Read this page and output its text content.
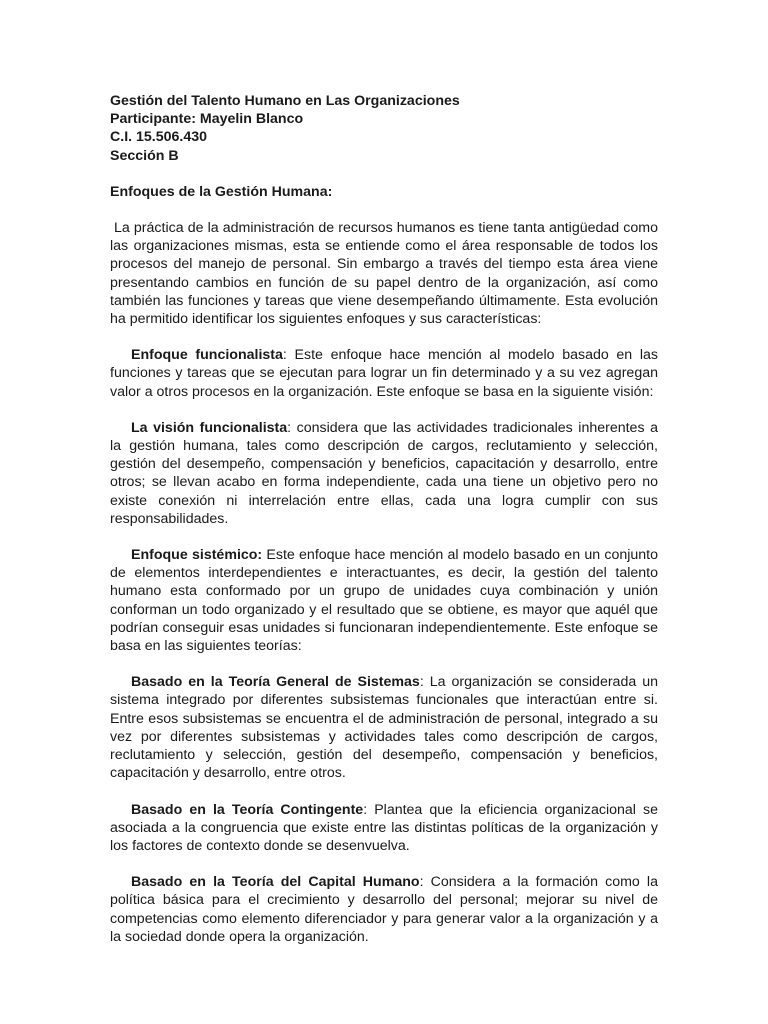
Gestión del Talento Humano en Las Organizaciones

Participante: Mayelin Blanco

C.I. 15.506.430

Sección B

Enfoques de la Gestión Humana:

La práctica de la administración de recursos humanos es tiene tanta antigüedad como las organizaciones mismas, esta se entiende como el área responsable de todos los procesos del manejo de personal. Sin embargo a través del tiempo esta área viene presentando cambios en función de su papel dentro de la organización, así como también las funciones y tareas que viene desempeñando últimamente. Esta evolución ha permitido identificar los siguientes enfoques y sus características:

Enfoque funcionalista: Este enfoque hace mención al modelo basado en las funciones y tareas que se ejecutan para lograr un fin determinado y a su vez agregan valor a otros procesos en la organización. Este enfoque se basa en la siguiente visión:

La visión funcionalista: considera que las actividades tradicionales inherentes a la gestión humana, tales como descripción de cargos, reclutamiento y selección, gestión del desempeño, compensación y beneficios, capacitación y desarrollo, entre otros; se llevan acabo en forma independiente, cada una tiene un objetivo pero no existe conexión ni interrelación entre ellas, cada una logra cumplir con sus responsabilidades.

Enfoque sistémico: Este enfoque hace mención al modelo basado en un conjunto de elementos interdependientes e interactuantes, es decir, la gestión del talento humano esta conformado por un grupo de unidades cuya combinación y unión conforman un todo organizado y el resultado que se obtiene, es mayor que aquél que podrían conseguir esas unidades si funcionaran independientemente. Este enfoque se basa en las siguientes teorías:

Basado en la Teoría General de Sistemas: La organización se considerada un sistema integrado por diferentes subsistemas funcionales que interactúan entre si. Entre esos subsistemas se encuentra el de administración de personal, integrado a su vez por diferentes subsistemas y actividades tales como descripción de cargos, reclutamiento y selección, gestión del desempeño, compensación y beneficios, capacitación y desarrollo, entre otros.

Basado en la Teoría Contingente: Plantea que la eficiencia organizacional se asociada a la congruencia que existe entre las distintas políticas de la organización y los factores de contexto donde se desenvuelva.

Basado en la Teoría del Capital Humano: Considera a la formación como la política básica para el crecimiento y desarrollo del personal; mejorar su nivel de competencias como elemento diferenciador y para generar valor a la organización y a la sociedad donde opera la organización.
